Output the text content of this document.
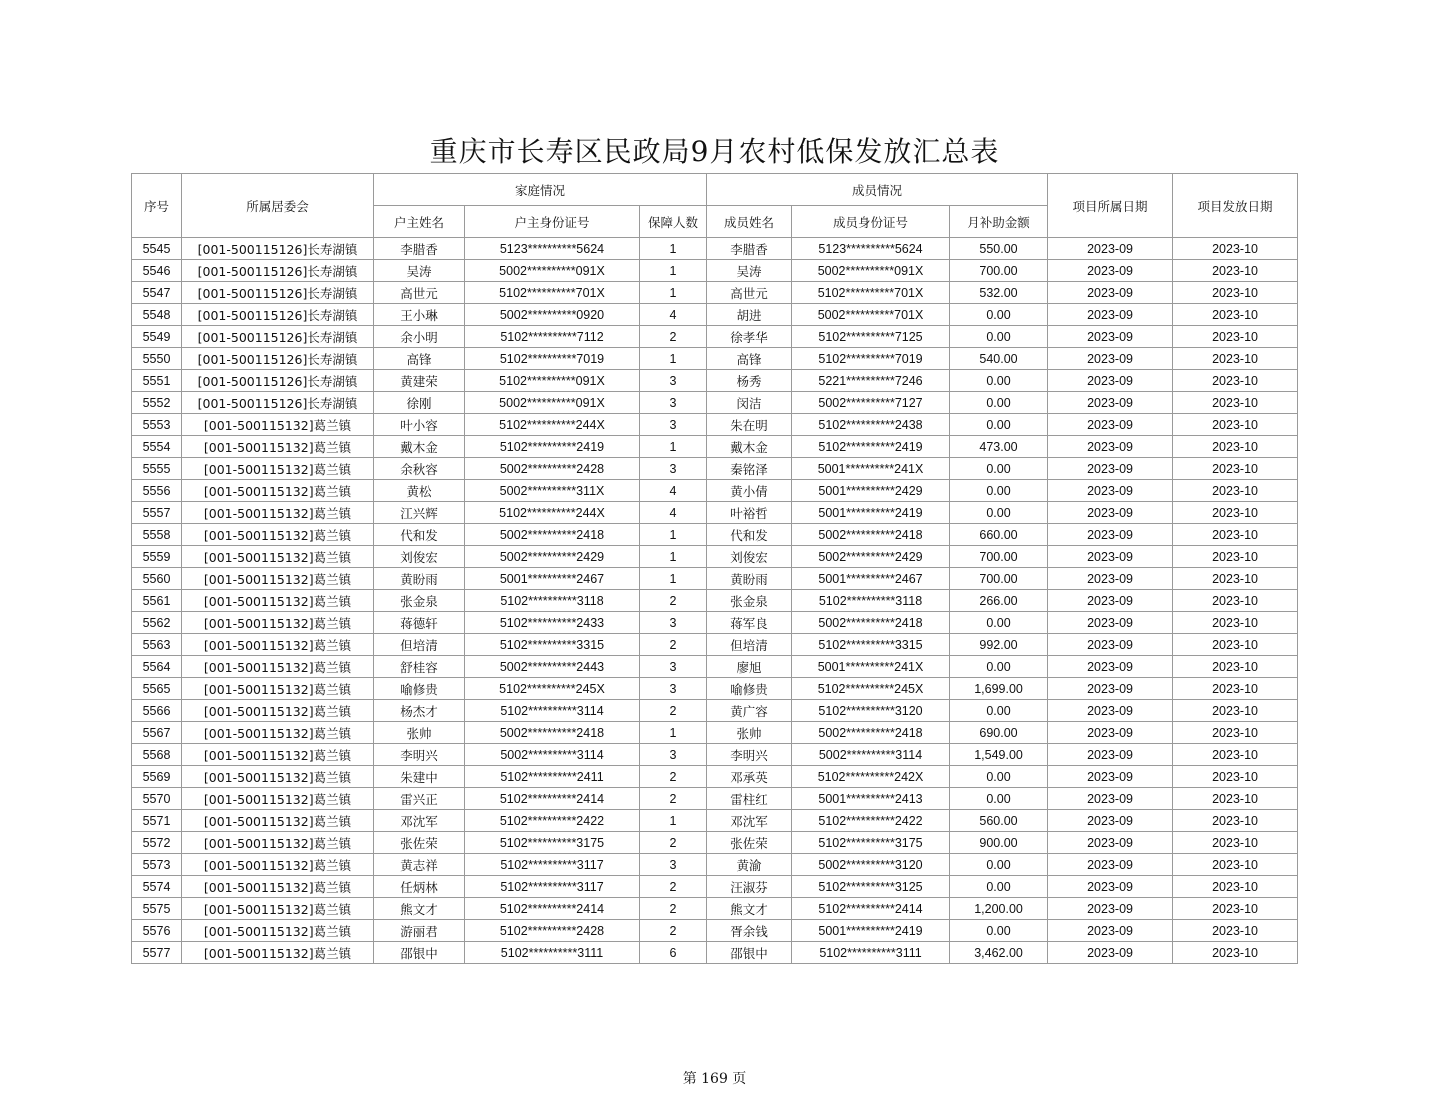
重庆市长寿区民政局9月农村低保发放汇总表
序号	所属居委会	家庭情况			成员情况			项目所属日期	项目发放日期
		户主姓名	户主身份证号	保障人数	成员姓名	成员身份证号	月补助金额		
5545	[001-500115126]长寿湖镇	李腊香	5123**********5624	1	李腊香	5123**********5624	550.00	2023-09	2023-10
5546	[001-500115126]长寿湖镇	吴涛	5002**********091X	1	吴涛	5002**********091X	700.00	2023-09	2023-10
5547	[001-500115126]长寿湖镇	高世元	5102**********701X	1	高世元	5102**********701X	532.00	2023-09	2023-10
5548	[001-500115126]长寿湖镇	王小琳	5002**********0920	4	胡进	5002**********701X	0.00	2023-09	2023-10
5549	[001-500115126]长寿湖镇	余小明	5102**********7112	2	徐孝华	5102**********7125	0.00	2023-09	2023-10
5550	[001-500115126]长寿湖镇	高锋	5102**********7019	1	高锋	5102**********7019	540.00	2023-09	2023-10
5551	[001-500115126]长寿湖镇	黄建荣	5102**********091X	3	杨秀	5221**********7246	0.00	2023-09	2023-10
5552	[001-500115126]长寿湖镇	徐刚	5002**********091X	3	闵洁	5002**********7127	0.00	2023-09	2023-10
5553	[001-500115132]葛兰镇	叶小容	5102**********244X	3	朱在明	5102**********2438	0.00	2023-09	2023-10
5554	[001-500115132]葛兰镇	戴木金	5102**********2419	1	戴木金	5102**********2419	473.00	2023-09	2023-10
5555	[001-500115132]葛兰镇	余秋容	5002**********2428	3	秦铭泽	5001**********241X	0.00	2023-09	2023-10
5556	[001-500115132]葛兰镇	黄松	5002**********311X	4	黄小倩	5001**********2429	0.00	2023-09	2023-10
5557	[001-500115132]葛兰镇	江兴辉	5102**********244X	4	叶裕哲	5001**********2419	0.00	2023-09	2023-10
5558	[001-500115132]葛兰镇	代和发	5002**********2418	1	代和发	5002**********2418	660.00	2023-09	2023-10
5559	[001-500115132]葛兰镇	刘俊宏	5002**********2429	1	刘俊宏	5002**********2429	700.00	2023-09	2023-10
5560	[001-500115132]葛兰镇	黄盼雨	5001**********2467	1	黄盼雨	5001**********2467	700.00	2023-09	2023-10
5561	[001-500115132]葛兰镇	张金泉	5102**********3118	2	张金泉	5102**********3118	266.00	2023-09	2023-10
5562	[001-500115132]葛兰镇	蒋德轩	5102**********2433	3	蒋军良	5002**********2418	0.00	2023-09	2023-10
5563	[001-500115132]葛兰镇	但培清	5102**********3315	2	但培清	5102**********3315	992.00	2023-09	2023-10
5564	[001-500115132]葛兰镇	舒桂容	5002**********2443	3	廖旭	5001**********241X	0.00	2023-09	2023-10
5565	[001-500115132]葛兰镇	喻修贵	5102**********245X	3	喻修贵	5102**********245X	1,699.00	2023-09	2023-10
5566	[001-500115132]葛兰镇	杨杰才	5102**********3114	2	黄广容	5102**********3120	0.00	2023-09	2023-10
5567	[001-500115132]葛兰镇	张帅	5002**********2418	1	张帅	5002**********2418	690.00	2023-09	2023-10
5568	[001-500115132]葛兰镇	李明兴	5002**********3114	3	李明兴	5002**********3114	1,549.00	2023-09	2023-10
5569	[001-500115132]葛兰镇	朱建中	5102**********2411	2	邓承英	5102**********242X	0.00	2023-09	2023-10
5570	[001-500115132]葛兰镇	雷兴正	5102**********2414	2	雷柱红	5001**********2413	0.00	2023-09	2023-10
5571	[001-500115132]葛兰镇	邓沈军	5102**********2422	1	邓沈军	5102**********2422	560.00	2023-09	2023-10
5572	[001-500115132]葛兰镇	张佐荣	5102**********3175	2	张佐荣	5102**********3175	900.00	2023-09	2023-10
5573	[001-500115132]葛兰镇	黄志祥	5102**********3117	3	黄渝	5002**********3120	0.00	2023-09	2023-10
5574	[001-500115132]葛兰镇	任炳林	5102**********3117	2	汪淑芬	5102**********3125	0.00	2023-09	2023-10
5575	[001-500115132]葛兰镇	熊文才	5102**********2414	2	熊文才	5102**********2414	1,200.00	2023-09	2023-10
5576	[001-500115132]葛兰镇	游丽君	5102**********2428	2	胥余钱	5001**********2419	0.00	2023-09	2023-10
5577	[001-500115132]葛兰镇	邵银中	5102**********3111	6	邵银中	5102**********3111	3,462.00	2023-09	2023-10
第 169 页
